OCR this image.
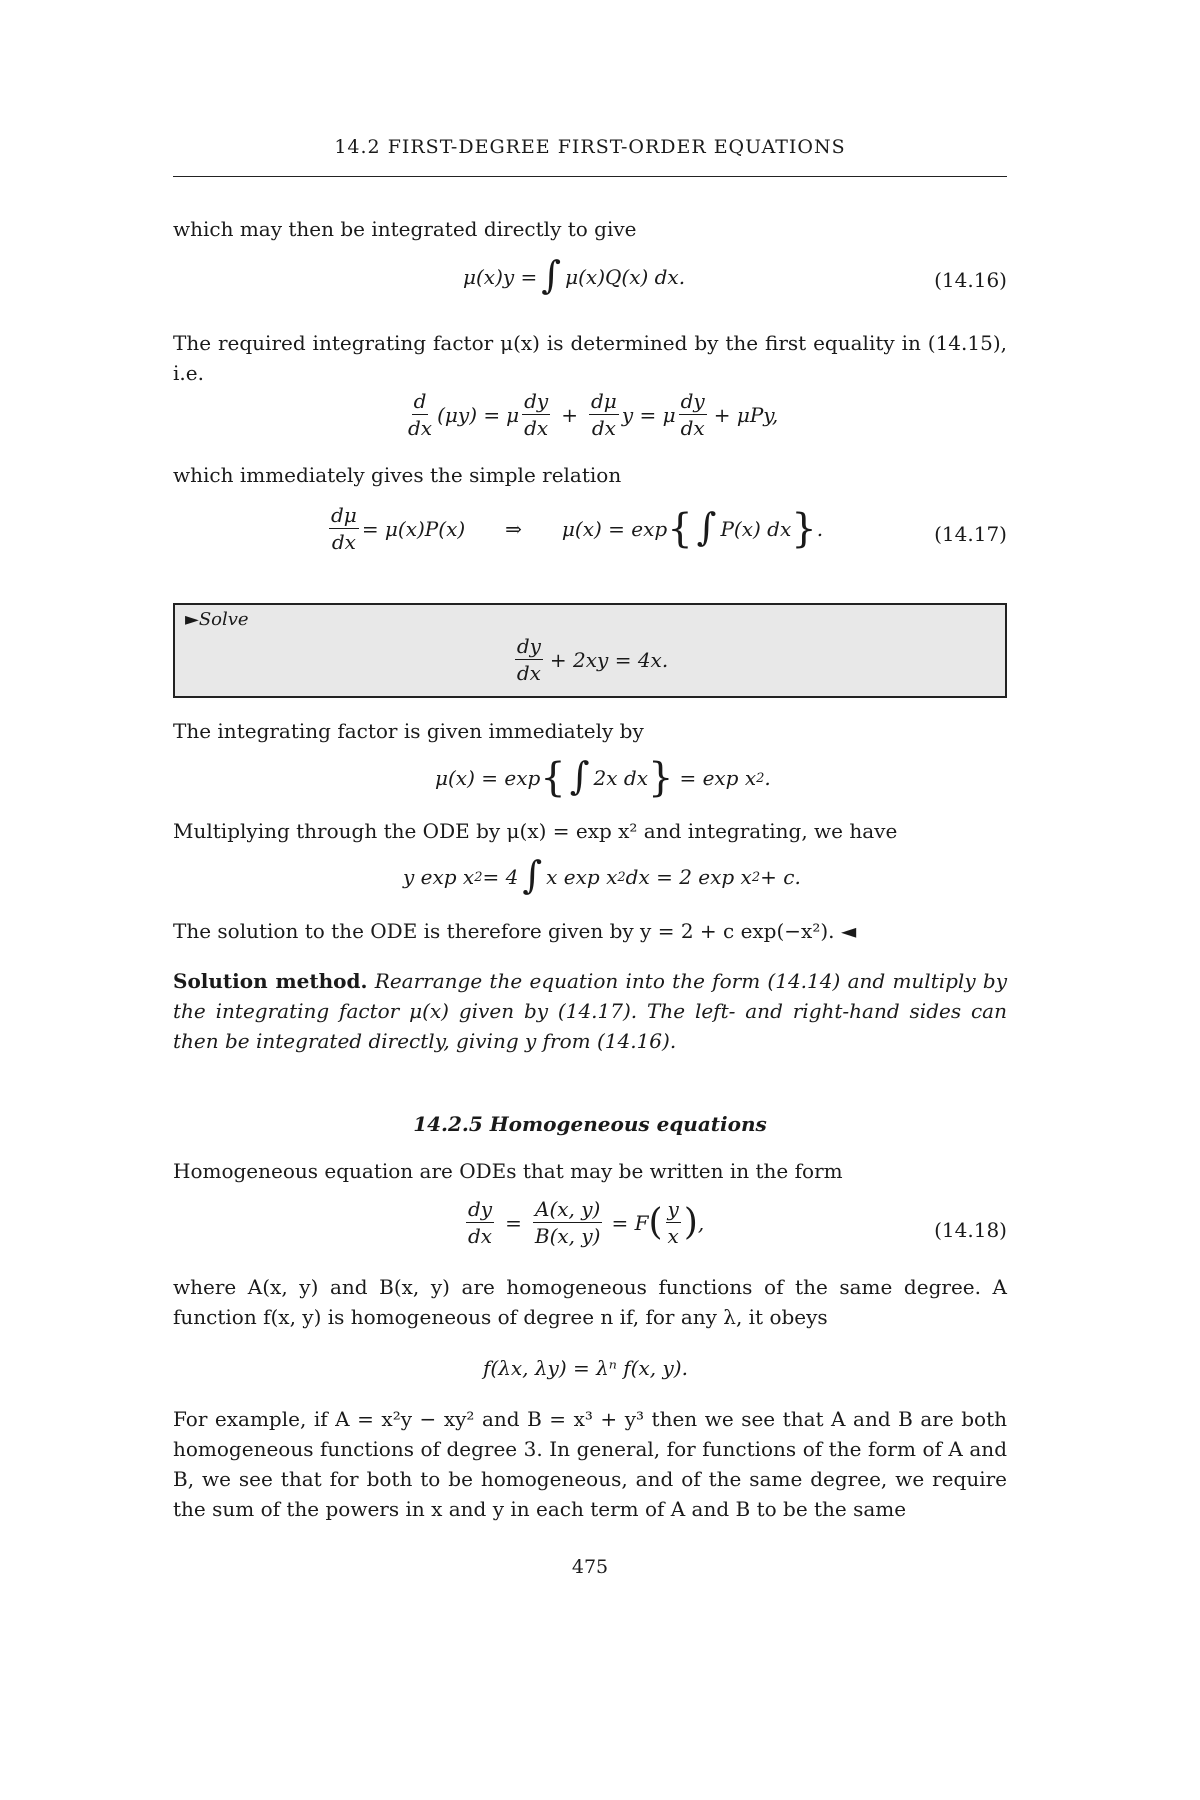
14.2 FIRST-DEGREE FIRST-ORDER EQUATIONS
which may then be integrated directly to give
μ(x)y = ∫ μ(x)Q(x) dx.	(14.16)
The required integrating factor μ(x) is determined by the first equality in (14.15), i.e.
$\frac{d}{dx} (\mu y) = \mu \frac{dy}{dx} + \frac{d\mu}{dx}$ y = μ $\frac{dy}{dx} + \mu Py$,
which immediately gives the simple relation
$\frac{d\mu}{dx} = \mu(x)P(x)$ ⇒ μ(x) = exp { ∫ P(x) dx } .	(14.17)
►Solve
$\frac{dy}{dx} + 2xy = 4x$.
The integrating factor is given immediately by
μ(x) = exp { ∫ 2x dx } = exp x 2 .
Multiplying through the ODE by μ(x) = exp x² and integrating, we have
y exp x 2 = 4 ∫ x exp x 2 dx = 2 exp x 2 + c.
The solution to the ODE is therefore given by y = 2 + c exp(−x²). ◄
Solution method. Rearrange the equation into the form (14.14) and multiply by the integrating factor μ(x) given by (14.17). The left- and right-hand sides can then be integrated directly, giving y from (14.16).
14.2.5 Homogeneous equations
Homogeneous equation are ODEs that may be written in the form
$\frac{dy}{dx} = \frac{A(x, y)}{B(x, y)} = F$ ( $\frac{y}{x}$ ) ,	(14.18)
where A(x, y) and B(x, y) are homogeneous functions of the same degree. A function f(x, y) is homogeneous of degree n if, for any λ, it obeys
f(λx, λy) = λⁿ f(x, y).
For example, if A = x²y − xy² and B = x³ + y³ then we see that A and B are both homogeneous functions of degree 3. In general, for functions of the form of A and B, we see that for both to be homogeneous, and of the same degree, we require the sum of the powers in x and y in each term of A and B to be the same
475
